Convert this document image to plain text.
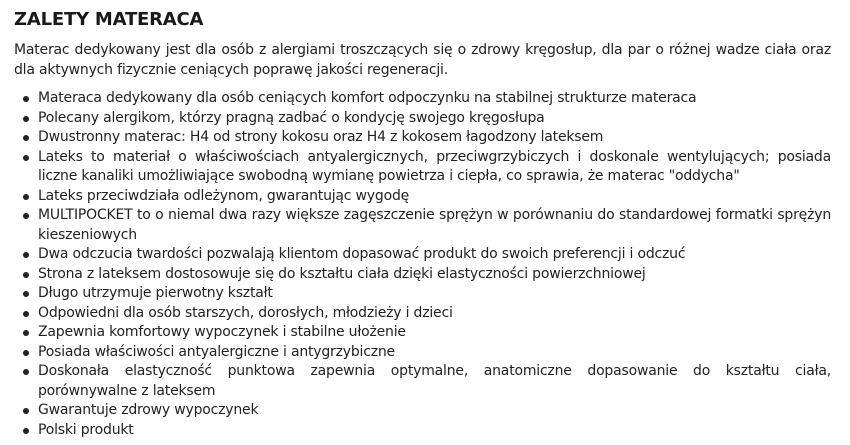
ZALETY MATERACA

Materac dedykowany jest dla osób z alergiami troszczących się o zdrowy kręgosłup, dla par o różnej wadze ciała oraz dla aktywnych fizycznie ceniących poprawę jakości regeneracji.

Materaca dedykowany dla osób ceniących komfort odpoczynku na stabilnej strukturze materaca
Polecany alergikom, którzy pragną zadbać o kondycję swojego kręgosłupa
Dwustronny materac: H4 od strony kokosu oraz H4 z kokosem łagodzony lateksem
Lateks to materiał o właściwościach antyalergicznych, przeciwgrzybiczych i doskonale wentylujących; posiada liczne kanaliki umożliwiające swobodną wymianę powietrza i ciepła, co sprawia, że materac "oddycha"
Lateks przeciwdziała odleżynom, gwarantując wygodę
MULTIPOCKET to o niemal dwa razy większe zagęszczenie sprężyn w porównaniu do standardowej formatki sprężyn kieszeniowych
Dwa odczucia twardości pozwalają klientom dopasować produkt do swoich preferencji i odczuć
Strona z lateksem dostosowuje się do kształtu ciała dzięki elastyczności powierzchniowej
Długo utrzymuje pierwotny kształt
Odpowiedni dla osób starszych, dorosłych, młodzieży i dzieci
Zapewnia komfortowy wypoczynek i stabilne ułożenie
Posiada właściwości antyalergiczne i antygrzybiczne
Doskonała elastyczność punktowa zapewnia optymalne, anatomiczne dopasowanie do kształtu ciała, porównywalne z lateksem
Gwarantuje zdrowy wypoczynek
Polski produkt
